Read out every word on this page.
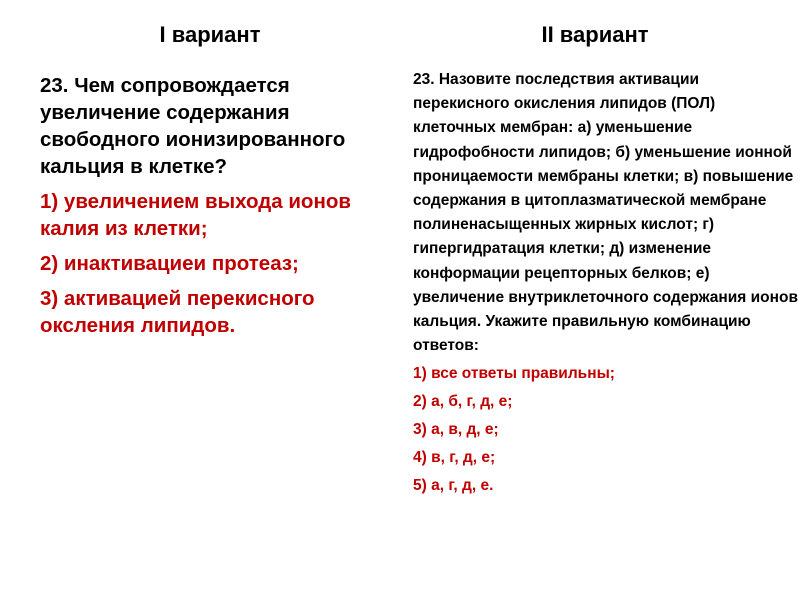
I вариант	II вариант

23. Чем сопровождается увеличение содержания свободного ионизированного кальция в клетке?

1) увеличением выхода ионов калия из клетки;

2) инактивациеи протеаз;

3) активацией перекисного оксления липидов.

23. Назовите последствия активации перекисного окисления липидов (ПОЛ) клеточных мембран: а) уменьшение гидрофобности липидов; б) уменьшение ионной проницаемости мембраны клетки; в) повышение содержания в цитоплазматической мембране полиненасыщенных жирных кислот; г) гипергидратация клетки; д) изменение конформации рецепторных белков; е) увеличение внутриклеточного содержания ионов кальция. Укажите правильную комбинацию ответов:

1) все ответы правильны;

2) а, б, г, д, е;

3) а, в, д, е;

4) в, г, д, е;

5) а, г, д, е.
